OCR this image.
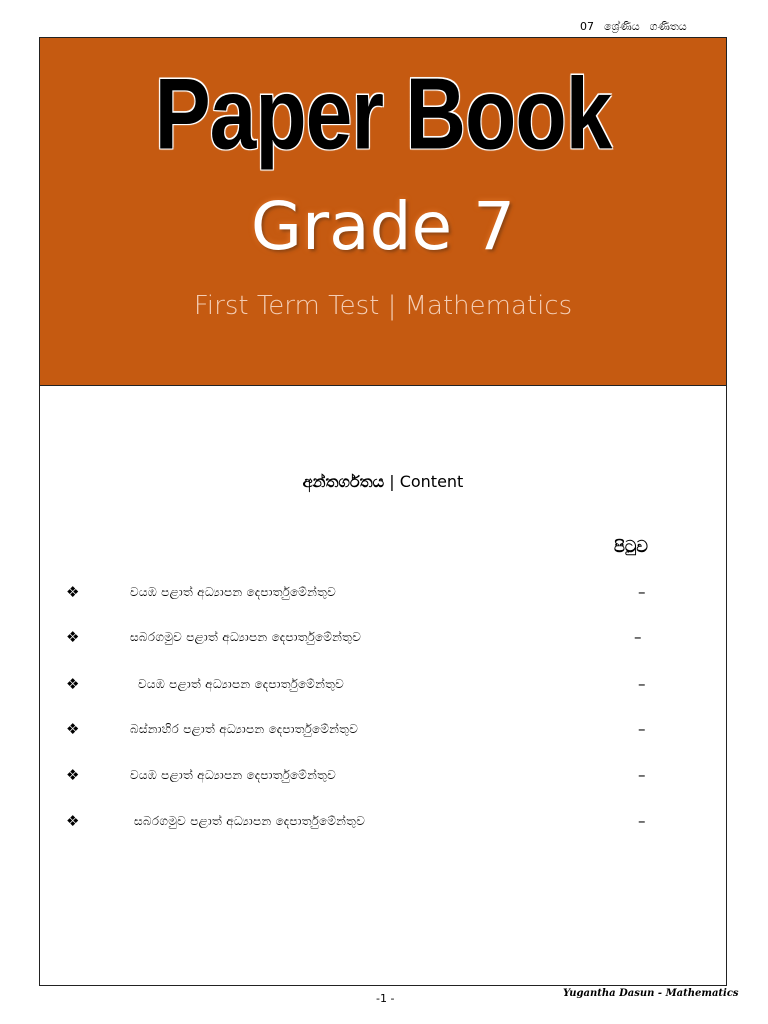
07 ශ්‍රේණිය ගණිතය
Paper Book
Grade 7
First Term Test | Mathematics
අන්තර්ගතය | Content
පිටුව
❖	වයඹ පළාත් අධ්‍යාපන දෙපාර්තුමේන්තුව	–
❖	සබරගමුව පළාත් අධ්‍යාපන දෙපාර්තුමේන්තුව	–
❖	වයඹ පළාත් අධ්‍යාපන දෙපාර්තුමේන්තුව	–
❖	බස්නාහිර පළාත් අධ්‍යාපන දෙපාර්තුමේන්තුව	–
❖	වයඹ පළාත් අධ්‍යාපන දෙපාර්තුමේන්තුව	–
❖	සබරගමුව පළාත් අධ්‍යාපන දෙපාර්තුමේන්තුව	–
-1 -	Yugantha Dasun - Mathematics
